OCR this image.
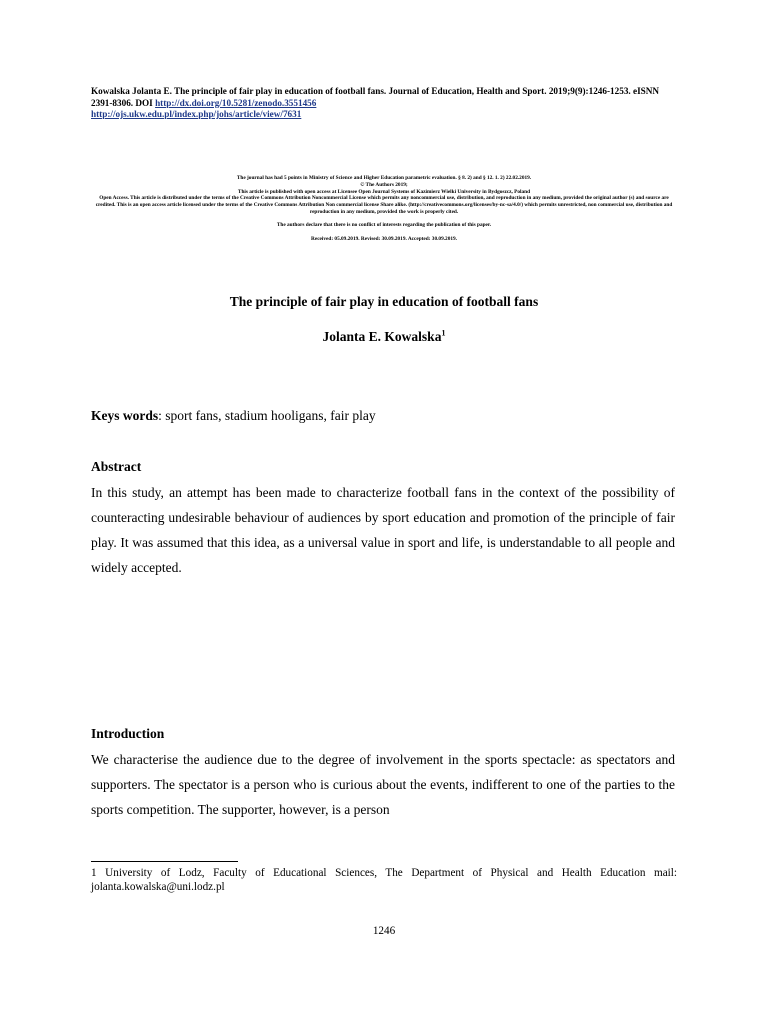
Kowalska Jolanta E. The principle of fair play in education of football fans. Journal of Education, Health and Sport. 2019;9(9):1246-1253. eISNN 2391-8306. DOI http://dx.doi.org/10.5281/zenodo.3551456
http://ojs.ukw.edu.pl/index.php/johs/article/view/7631

The journal has had 5 points in Ministry of Science and Higher Education parametric evaluation. § 8. 2) and § 12. 1. 2) 22.02.2019.

© The Authors 2019;

This article is published with open access at Licensee Open Journal Systems of Kazimierz Wielki University in Bydgoszcz, Poland

Open Access. This article is distributed under the terms of the Creative Commons Attribution Noncommercial License which permits any noncommercial use, distribution, and reproduction in any medium, provided the original author (s) and source are credited. This is an open access article licensed under the terms of the Creative Commons Attribution Non commercial license Share alike. (http://creativecommons.org/licenses/by-nc-sa/4.0/) which permits unrestricted, non commercial use, distribution and reproduction in any medium, provided the work is properly cited.

The authors declare that there is no conflict of interests regarding the publication of this paper.

Received: 05.09.2019. Revised: 30.09.2019. Accepted: 30.09.2019.

The principle of fair play in education of football fans

Jolanta E. Kowalska$^1$

Keys words: sport fans, stadium hooligans, fair play

Abstract

In this study, an attempt has been made to characterize football fans in the context of the possibility of counteracting undesirable behaviour of audiences by sport education and promotion of the principle of fair play. It was assumed that this idea, as a universal value in sport and life, is understandable to all people and widely accepted.

Introduction

We characterise the audience due to the degree of involvement in the sports spectacle: as spectators and supporters. The spectator is a person who is curious about the events, indifferent to one of the parties to the sports competition. The supporter, however, is a person

1 University of Lodz, Faculty of Educational Sciences, The Department of Physical and Health Education mail: jolanta.kowalska@uni.lodz.pl

1246
